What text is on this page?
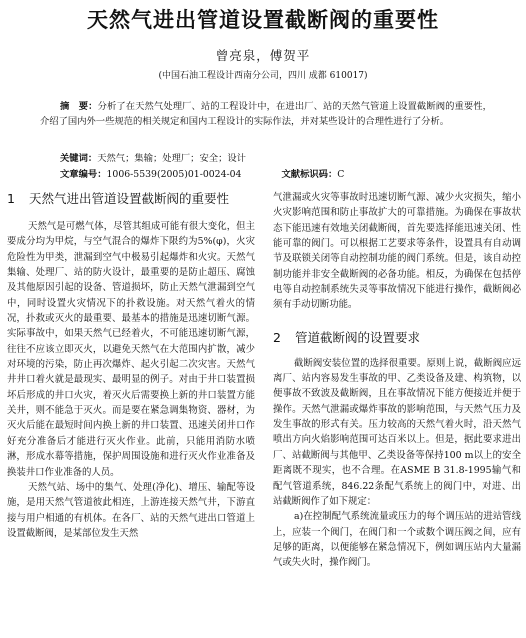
天然气进出管道设置截断阀的重要性
曾亮泉，傅贺平
(中国石油工程设计西南分公司，四川 成都 610017)
摘　要：分析了在天然气处理厂、站的工程设计中，在进出厂、站的天然气管道上设置截断阀的重要性，介绍了国内外一些规范的相关规定和国内工程设计的实际作法，并对某些设计的合理性进行了分析。
关键词：天然气；集输；处理厂；安全；设计
文章编号：1006-5539(2005)01-0024-04	文献标识码：C
1 天然气进出管道设置截断阀的重要性

天然气是可燃气体，尽管其组成可能有很大变化，但主要成分均为甲烷，与空气混合的爆炸下限约为5%(φ)，火灾危险性为甲类，泄漏到空气中极易引起爆炸和火灾。天然气集输、处理厂、站的防火设计，最重要的是防止超压、腐蚀及其他原因引起的设备、管道损坏，防止天然气泄漏到空气中，同时设置火灾情况下的扑救设施。对天然气着火的情况，扑救或灭火的最重要、最基本的措施是迅速切断气源。实际事故中，如果天然气已经着火，不可能迅速切断气源，往往不应该立即灭火，以避免天然气在大范围内扩散，减少对环境的污染，防止再次爆炸、起火引起二次灾害。天然气井井口着火就是最现实、最明显的例子。对由于井口装置损坏后形成的井口火灾，着灭火后需要换上新的井口装置方能关井，则不能急于灭火。而是要在紧急调集物资、器材，为灭火后能在最短时间内换上新的井口装置、迅速关闭井口作好充分准备后才能进行灭火作业。此前，只能用消防水喷淋，形成水幕等措施，保护周围设施和进行灭火作业准备及换装井口作业准备的人员。

天然气站、场中的集气、处理(净化)、增压、输配等设施，是用天然气管道彼此相连，上游连接天然气井，下游直接与用户相通的有机体。在各厂、站的天然气进出口管道上设置截断阀，是某部位发生天然

气泄漏或火灾等事故时迅速切断气源、减少火灾损失，缩小火灾影响范围和防止事故扩大的可靠措施。为确保在事故状态下能迅速有效地关闭截断阀，首先要选择能迅速关闭、性能可靠的阀门。可以根据工艺要求等条件，设置具有自动调节及联锁关闭等自动控制功能的阀门系统。但是，该自动控制功能并非安全截断阀的必备功能。相反，为确保在包括停电等自动控制系统失灵等事故情况下能进行操作，截断阀必须有手动切断功能。

2 管道截断阀的设置要求

截断阀安装位置的选择很重要。原则上说，截断阀应远离厂、站内容易发生事故的甲、乙类设备及建、构筑物，以便事故不致波及截断阀，且在事故情况下能方便接近并便于操作。天然气泄漏或爆炸事故的影响范围，与天然气压力及发生事故的形式有关。压力较高的天然气着火时，沿天然气喷出方向火焰影响范围可达百米以上。但是，据此要求进出厂、站截断阀与其他甲、乙类设备等保持100 m以上的安全距离既不现实，也不合理。在ASME B 31.8-1995输气和配气管道系统，846.22条配气系统上的阀门中，对进、出站截断阀作了如下规定：

a)在控制配气系统流量或压力的每个调压站的进站管线上，应装一个阀门，在阀门和一个或数个调压阀之间，应有足够的距离，以便能够在紧急情况下，例如调压站内大量漏气或失火时，操作阀门。
